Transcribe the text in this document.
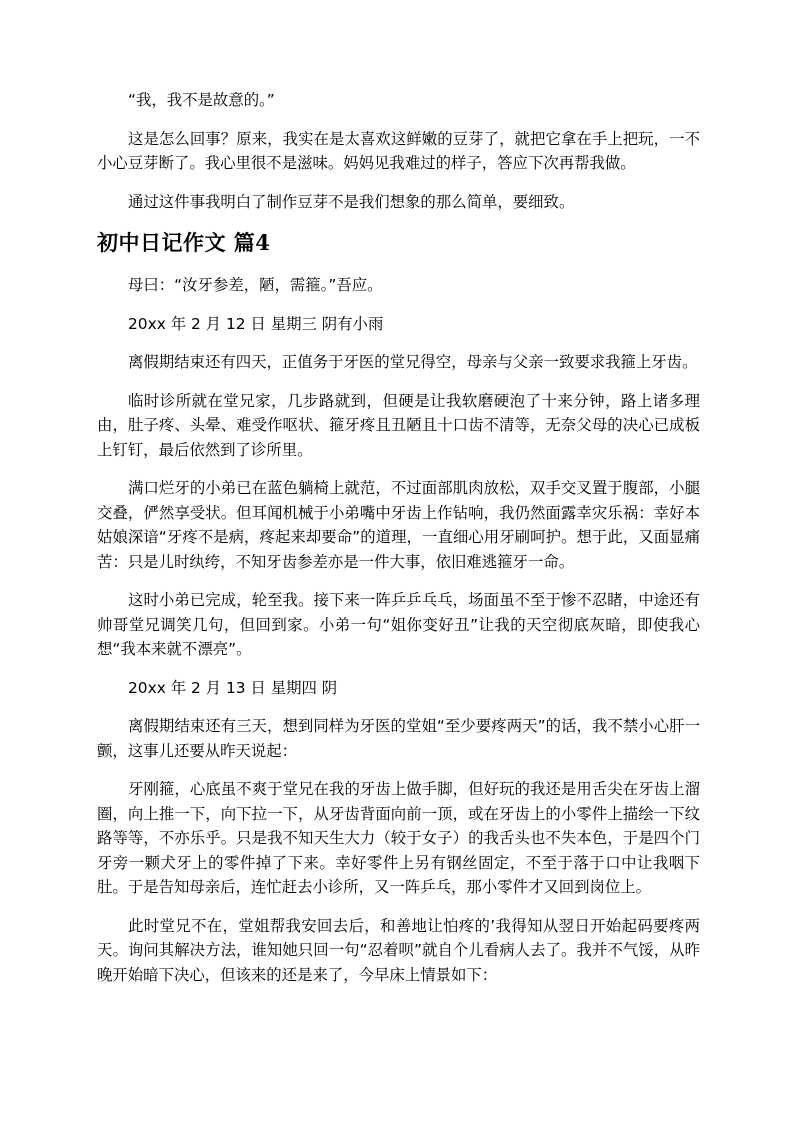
“我，我不是故意的。”

这是怎么回事？原来，我实在是太喜欢这鲜嫩的豆芽了，就把它拿在手上把玩，一不小心豆芽断了。我心里很不是滋味。妈妈见我难过的样子，答应下次再帮我做。

通过这件事我明白了制作豆芽不是我们想象的那么简单，要细致。

初中日记作文 篇4

母曰：“汝牙参差，陋，需箍。”吾应。

20xx 年 2 月 12 日 星期三 阴有小雨

离假期结束还有四天，正值务于牙医的堂兄得空，母亲与父亲一致要求我箍上牙齿。

临时诊所就在堂兄家，几步路就到，但硬是让我软磨硬泡了十来分钟，路上诸多理由，肚子疼、头晕、难受作呕状、箍牙疼且丑陋且十口齿不清等，无奈父母的决心已成板上钉钉，最后依然到了诊所里。

满口烂牙的小弟已在蓝色躺椅上就范，不过面部肌肉放松，双手交叉置于腹部，小腿交叠，俨然享受状。但耳闻机械于小弟嘴中牙齿上作钻响，我仍然面露幸灾乐祸：幸好本姑娘深谙“牙疼不是病，疼起来却要命”的道理，一直细心用牙刷呵护。想于此，又面显痛苦：只是儿时纨绔，不知牙齿参差亦是一件大事，依旧难逃箍牙一命。

这时小弟已完成，轮至我。接下来一阵乒乒乓乓，场面虽不至于惨不忍睹，中途还有帅哥堂兄调笑几句，但回到家。小弟一句“姐你变好丑”让我的天空彻底灰暗，即使我心想“我本来就不漂亮”。

20xx 年 2 月 13 日 星期四 阴

离假期结束还有三天，想到同样为牙医的堂姐“至少要疼两天”的话，我不禁小心肝一颤，这事儿还要从昨天说起：

牙刚箍，心底虽不爽于堂兄在我的牙齿上做手脚，但好玩的我还是用舌尖在牙齿上溜圈，向上推一下，向下拉一下，从牙齿背面向前一顶，或在牙齿上的小零件上描绘一下纹路等等，不亦乐乎。只是我不知天生大力（较于女子）的我舌头也不失本色，于是四个门牙旁一颗犬牙上的零件掉了下来。幸好零件上另有钢丝固定，不至于落于口中让我咽下肚。于是告知母亲后，连忙赶去小诊所，又一阵乒乓，那小零件才又回到岗位上。

此时堂兄不在，堂姐帮我安回去后，和善地让怕疼的’我得知从翌日开始起码要疼两天。询问其解决方法，谁知她只回一句“忍着呗”就自个儿看病人去了。我并不气馁，从昨晚开始暗下决心，但该来的还是来了，今早床上情景如下：
